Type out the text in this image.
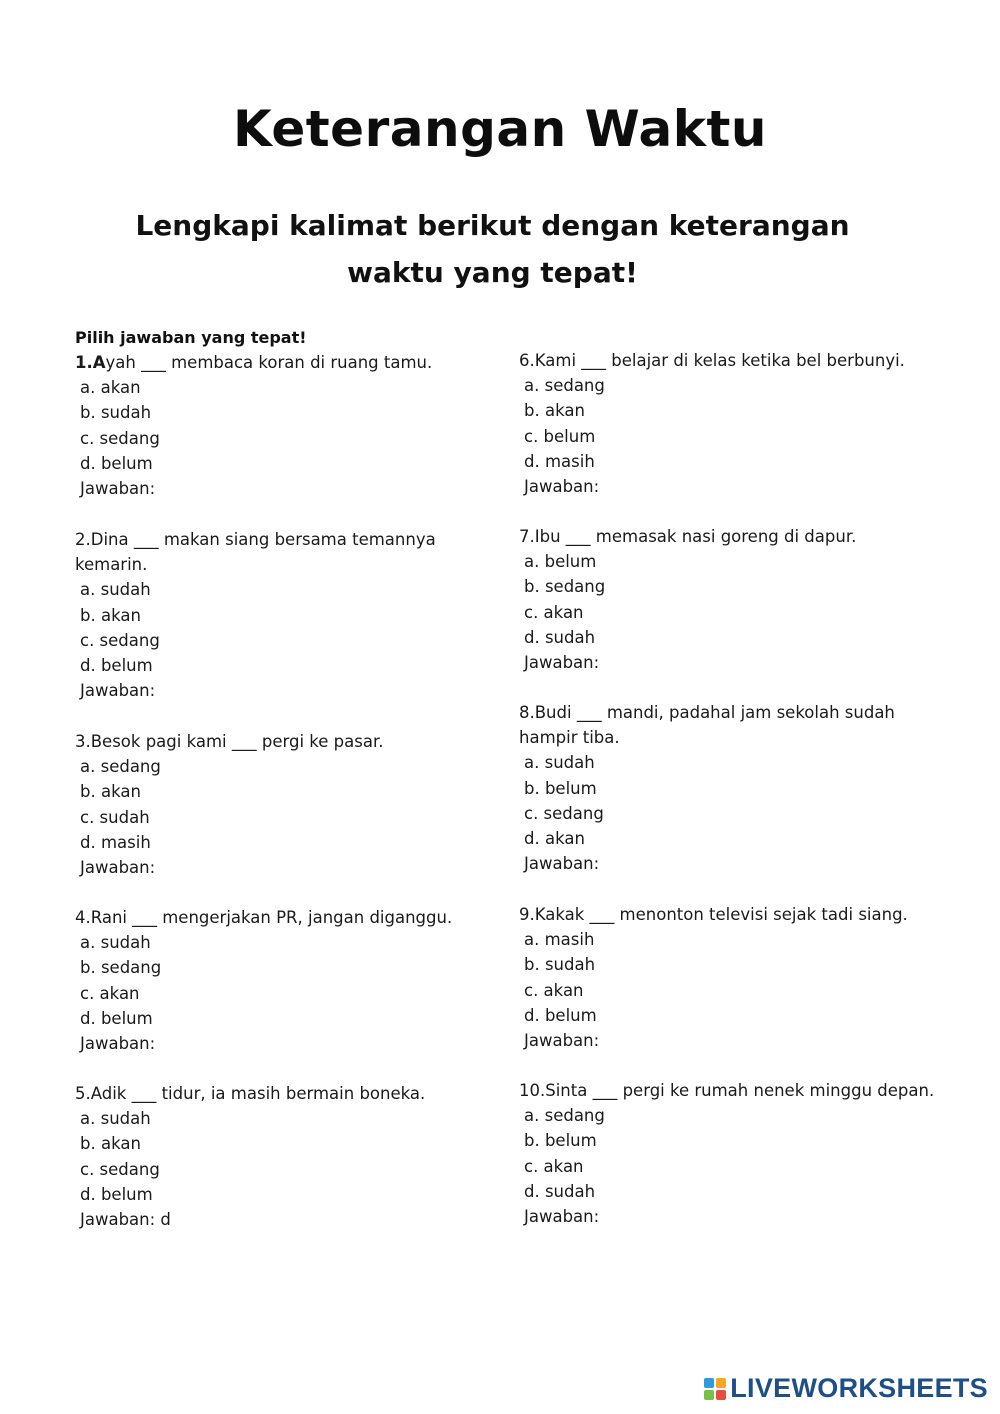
Keterangan Waktu
Lengkapi kalimat berikut dengan keterangan waktu yang tepat!
Pilih jawaban yang tepat!
1.Ayah ___ membaca koran di ruang tamu.
a. akan
b. sudah
c. sedang
d. belum
Jawaban:
2.Dina ___ makan siang bersama temannya kemarin.
a. sudah
b. akan
c. sedang
d. belum
Jawaban:
3.Besok pagi kami ___ pergi ke pasar.
a. sedang
b. akan
c. sudah
d. masih
Jawaban:
4.Rani ___ mengerjakan PR, jangan diganggu.
a. sudah
b. sedang
c. akan
d. belum
Jawaban:
5.Adik ___ tidur, ia masih bermain boneka.
a. sudah
b. akan
c. sedang
d. belum
Jawaban: d
6.Kami ___ belajar di kelas ketika bel berbunyi.
a. sedang
b. akan
c. belum
d. masih
Jawaban:
7.Ibu ___ memasak nasi goreng di dapur.
a. belum
b. sedang
c. akan
d. sudah
Jawaban:
8.Budi ___ mandi, padahal jam sekolah sudah hampir tiba.
a. sudah
b. belum
c. sedang
d. akan
Jawaban:
9.Kakak ___ menonton televisi sejak tadi siang.
a. masih
b. sudah
c. akan
d. belum
Jawaban:
10.Sinta ___ pergi ke rumah nenek minggu depan.
a. sedang
b. belum
c. akan
d. sudah
Jawaban:
LIVEWORKSHEETS
